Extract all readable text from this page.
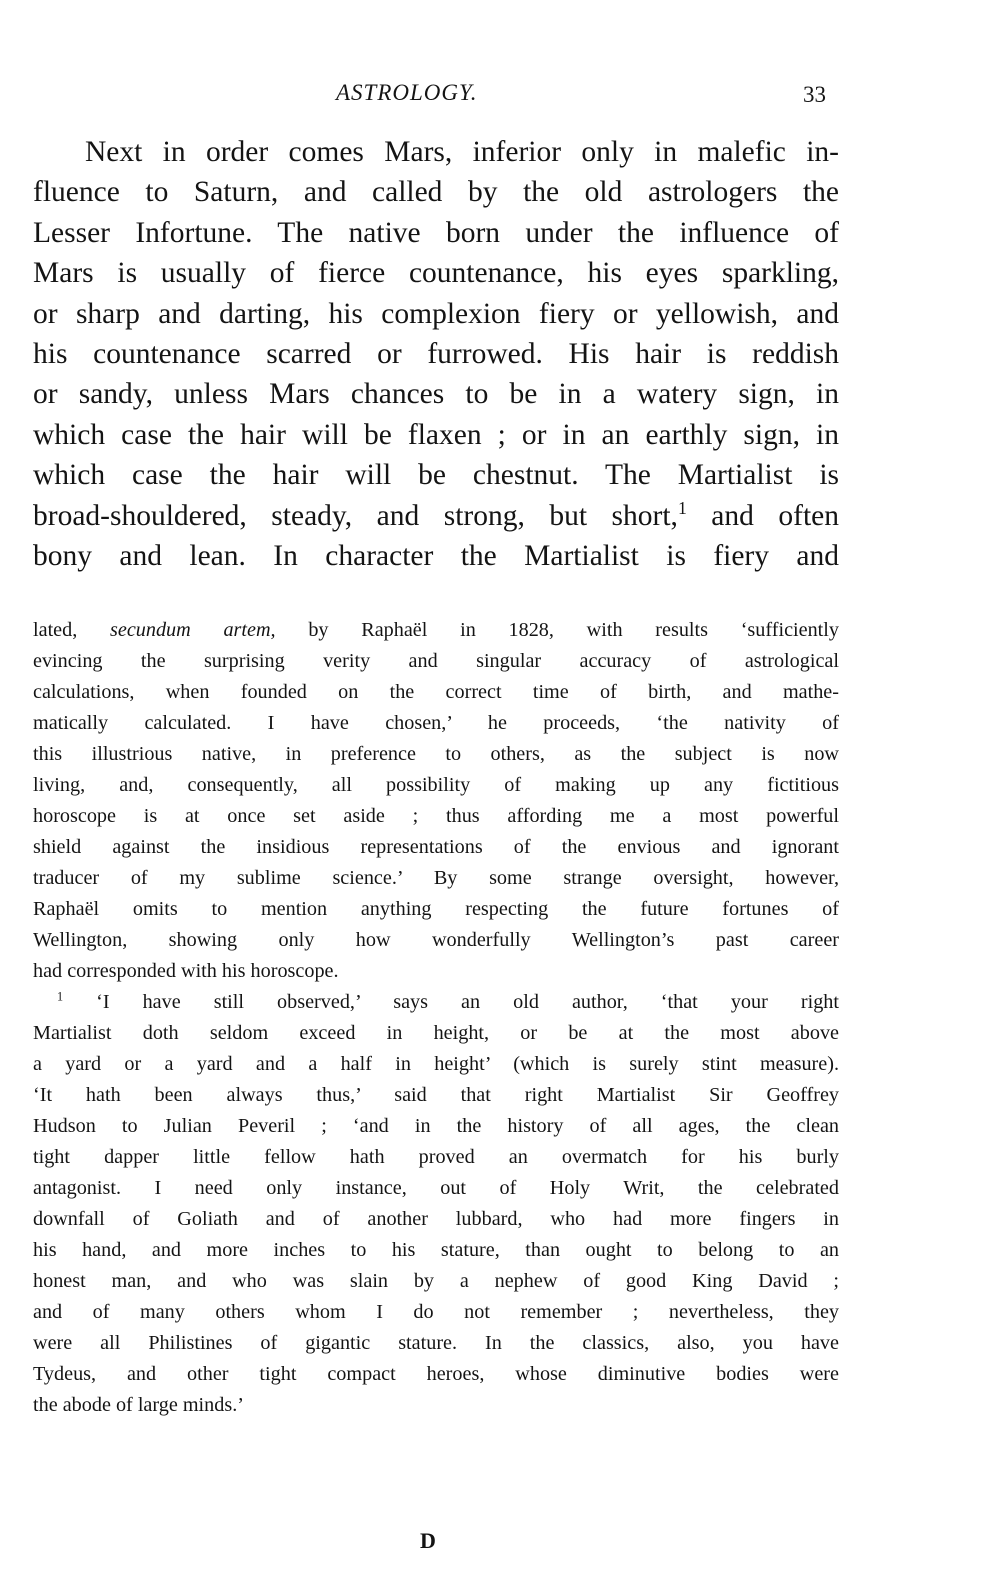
ASTROLOGY.	33
Next in order comes Mars, inferior only in malefic in-
fluence to Saturn, and called by the old astrologers the
Lesser Infortune. The native born under the influence of
Mars is usually of fierce countenance, his eyes sparkling,
or sharp and darting, his complexion fiery or yellowish, and
his countenance scarred or furrowed. His hair is reddish
or sandy, unless Mars chances to be in a watery sign, in
which case the hair will be flaxen ; or in an earthly sign, in
which case the hair will be chestnut. The Martialist is
broad-shouldered, steady, and strong, but short,$^1$ and often
bony and lean. In character the Martialist is fiery and
lated, secundum artem, by Raphaël in 1828, with results ‘sufficiently
evincing the surprising verity and singular accuracy of astrological
calculations, when founded on the correct time of birth, and mathe-
matically calculated. I have chosen,’ he proceeds, ‘the nativity of
this illustrious native, in preference to others, as the subject is now
living, and, consequently, all possibility of making up any fictitious
horoscope is at once set aside ; thus affording me a most powerful
shield against the insidious representations of the envious and ignorant
traducer of my sublime science.’ By some strange oversight, however,
Raphaël omits to mention anything respecting the future fortunes of
Wellington, showing only how wonderfully Wellington’s past career
had corresponded with his horoscope.
$^1$ ‘I have still observed,’ says an old author, ‘that your right
Martialist doth seldom exceed in height, or be at the most above
a yard or a yard and a half in height’ (which is surely stint measure).
‘It hath been always thus,’ said that right Martialist Sir Geoffrey
Hudson to Julian Peveril ; ‘and in the history of all ages, the clean
tight dapper little fellow hath proved an overmatch for his burly
antagonist. I need only instance, out of Holy Writ, the celebrated
downfall of Goliath and of another lubbard, who had more fingers in
his hand, and more inches to his stature, than ought to belong to an
honest man, and who was slain by a nephew of good King David ;
and of many others whom I do not remember ; nevertheless, they
were all Philistines of gigantic stature. In the classics, also, you have
Tydeus, and other tight compact heroes, whose diminutive bodies were
the abode of large minds.’
D
